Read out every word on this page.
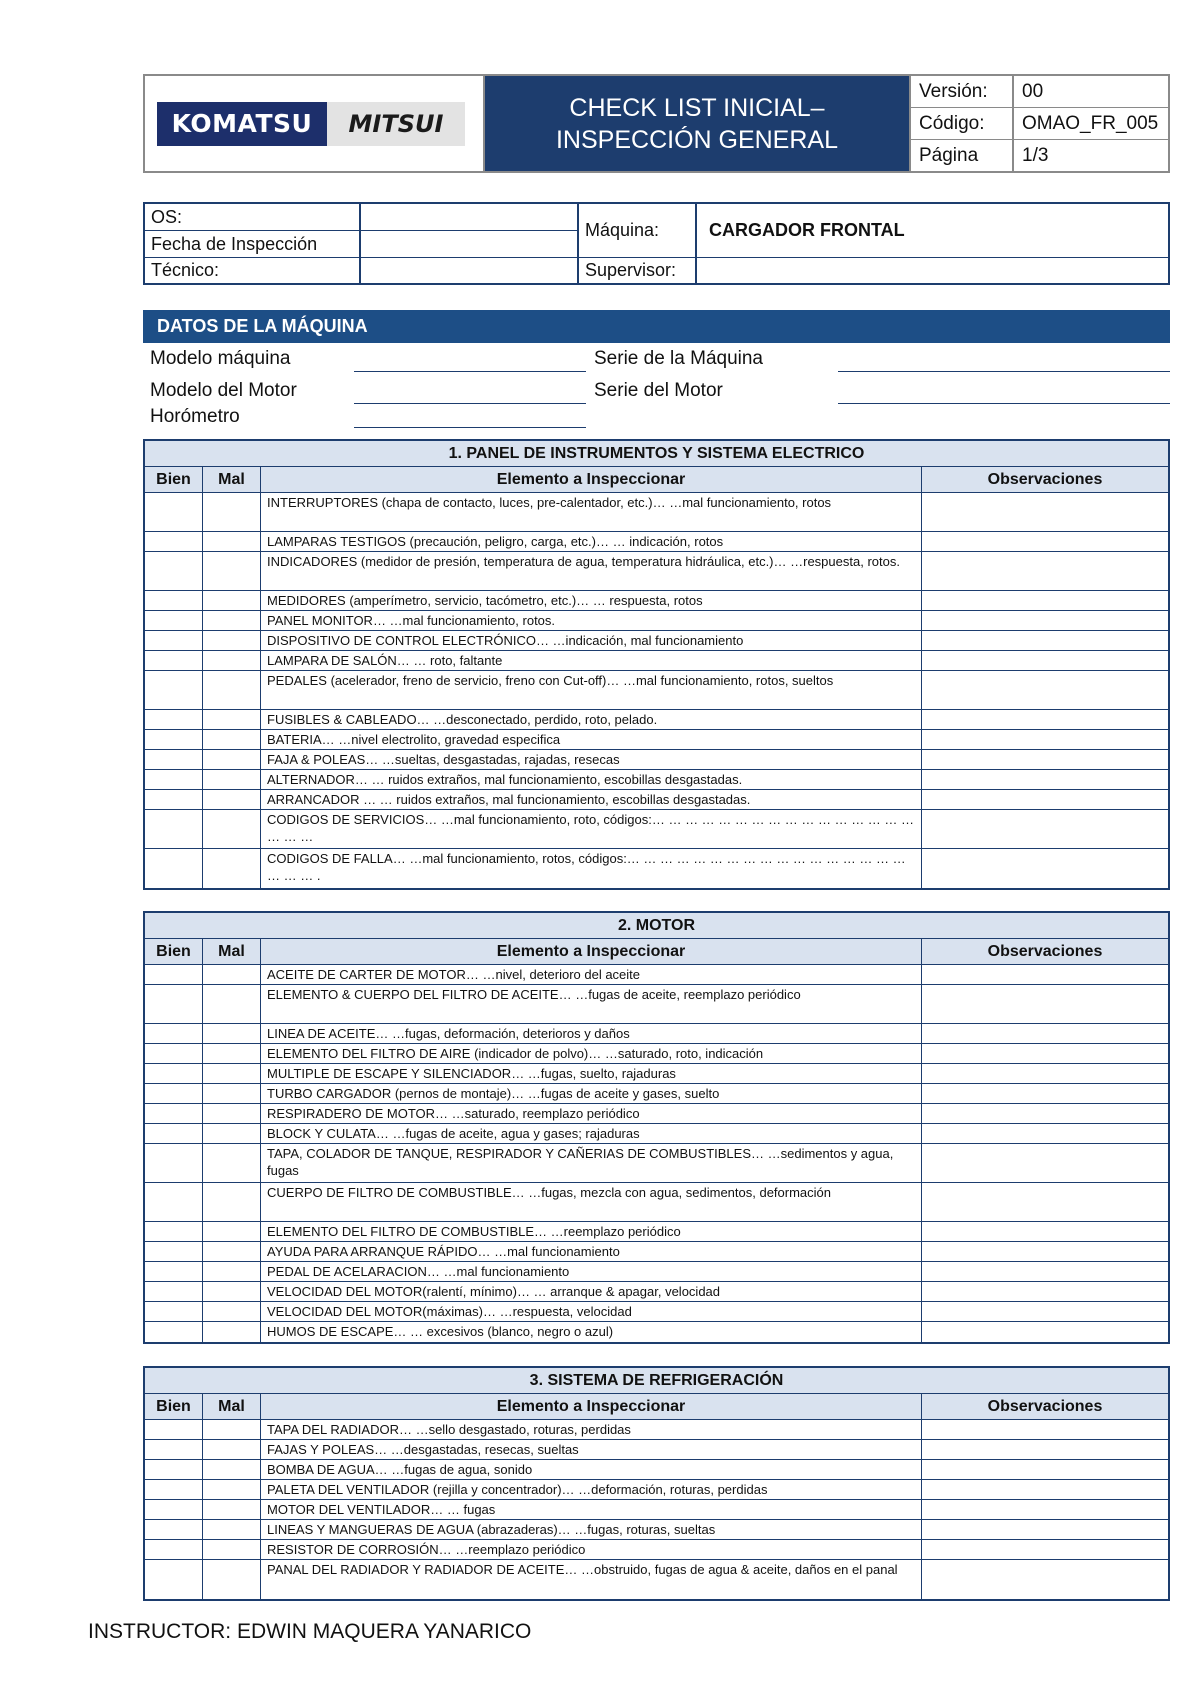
KOMATSU	MITSUI
CHECK LIST INICIAL– INSPECCIÓN GENERAL
Versión:	00
Código:	OMAO_FR_005
Página	1/3
OS:
Fecha de Inspección
Técnico:
Máquina:	CARGADOR FRONTAL
Supervisor:
DATOS DE LA MÁQUINA
Modelo máquina	Serie de la Máquina
Modelo del Motor	Serie del Motor
Horómetro
1. PANEL DE INSTRUMENTOS Y SISTEMA ELECTRICO
Bien	Mal	Elemento a Inspeccionar	Observaciones
INTERRUPTORES (chapa de contacto, luces, pre-calentador, etc.)… …mal funcionamiento, rotos
LAMPARAS TESTIGOS (precaución, peligro, carga, etc.)… … indicación, rotos
INDICADORES (medidor de presión, temperatura de agua, temperatura hidráulica, etc.)… …respuesta, rotos.
MEDIDORES (amperímetro, servicio, tacómetro, etc.)… … respuesta, rotos
PANEL MONITOR… …mal funcionamiento, rotos.
DISPOSITIVO DE CONTROL ELECTRÓNICO… …indicación, mal funcionamiento
LAMPARA DE SALÓN… … roto, faltante
PEDALES (acelerador, freno de servicio, freno con Cut-off)… …mal funcionamiento, rotos, sueltos
FUSIBLES & CABLEADO… …desconectado, perdido, roto, pelado.
BATERIA… …nivel electrolito, gravedad especifica
FAJA & POLEAS… …sueltas, desgastadas, rajadas, resecas
ALTERNADOR… … ruidos extraños, mal funcionamiento, escobillas desgastadas.
ARRANCADOR … … ruidos extraños, mal funcionamiento, escobillas desgastadas.
CODIGOS DE SERVICIOS… …mal funcionamiento, roto, códigos:… … … … … … … … … … … … … … … … … … …
CODIGOS DE FALLA… …mal funcionamiento, rotos, códigos:… … … … … … … … … … … … … … … … … … … … .
2. MOTOR
Bien	Mal	Elemento a Inspeccionar	Observaciones
ACEITE DE CARTER DE MOTOR… …nivel, deterioro del aceite
ELEMENTO & CUERPO DEL FILTRO DE ACEITE… …fugas de aceite, reemplazo periódico
LINEA DE ACEITE… …fugas, deformación, deterioros y daños
ELEMENTO DEL FILTRO DE AIRE (indicador de polvo)… …saturado, roto, indicación
MULTIPLE DE ESCAPE Y SILENCIADOR… …fugas, suelto, rajaduras
TURBO CARGADOR (pernos de montaje)… …fugas de aceite y gases, suelto
RESPIRADERO DE MOTOR… …saturado, reemplazo periódico
BLOCK Y CULATA… …fugas de aceite, agua y gases; rajaduras
TAPA, COLADOR DE TANQUE, RESPIRADOR Y CAÑERIAS DE COMBUSTIBLES… …sedimentos y agua, fugas
CUERPO DE FILTRO DE COMBUSTIBLE… …fugas, mezcla con agua, sedimentos, deformación
ELEMENTO DEL FILTRO DE COMBUSTIBLE… …reemplazo periódico
AYUDA PARA ARRANQUE RÁPIDO… …mal funcionamiento
PEDAL DE ACELARACION… …mal funcionamiento
VELOCIDAD DEL MOTOR(ralentí, mínimo)… … arranque & apagar, velocidad
VELOCIDAD DEL MOTOR(máximas)… …respuesta, velocidad
HUMOS DE ESCAPE… … excesivos (blanco, negro o azul)
3. SISTEMA DE REFRIGERACIÓN
Bien	Mal	Elemento a Inspeccionar	Observaciones
TAPA DEL RADIADOR… …sello desgastado, roturas, perdidas
FAJAS Y POLEAS… …desgastadas, resecas, sueltas
BOMBA DE AGUA… …fugas de agua, sonido
PALETA DEL VENTILADOR (rejilla y concentrador)… …deformación, roturas, perdidas
MOTOR DEL VENTILADOR… … fugas
LINEAS Y MANGUERAS DE AGUA (abrazaderas)… …fugas, roturas, sueltas
RESISTOR DE CORROSIÓN… …reemplazo periódico
PANAL DEL RADIADOR Y RADIADOR DE ACEITE… …obstruido, fugas de agua & aceite, daños en el panal
INSTRUCTOR: EDWIN MAQUERA YANARICO
